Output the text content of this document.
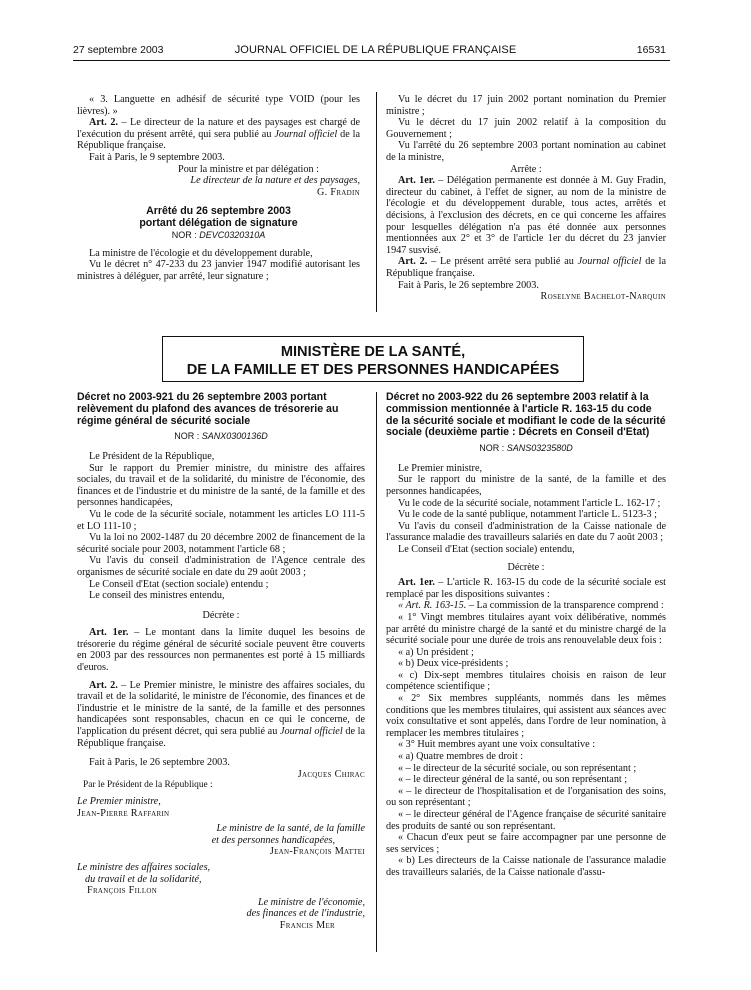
27 septembre 2003	JOURNAL OFFICIEL DE LA RÉPUBLIQUE FRANÇAISE	16531

« 3. Languette en adhésif de sécurité type VOID (pour les lièvres). »

Art. 2. – Le directeur de la nature et des paysages est chargé de l'exécution du présent arrêté, qui sera publié au Journal officiel de la République française.

Fait à Paris, le 9 septembre 2003.

Pour la ministre et par délégation :

Le directeur de la nature et des paysages,

G. Fradin

Arrêté du 26 septembre 2003

portant délégation de signature

NOR : DEVC0320310A

La ministre de l'écologie et du développement durable,

Vu le décret n° 47-233 du 23 janvier 1947 modifié autorisant les ministres à déléguer, par arrêté, leur signature ;

Vu le décret du 17 juin 2002 portant nomination du Premier ministre ;

Vu le décret du 17 juin 2002 relatif à la composition du Gouvernement ;

Vu l'arrêté du 26 septembre 2003 portant nomination au cabinet de la ministre,

Arrête :

Art. 1er. – Délégation permanente est donnée à M. Guy Fradin, directeur du cabinet, à l'effet de signer, au nom de la ministre de l'écologie et du développement durable, tous actes, arrêtés et décisions, à l'exclusion des décrets, en ce qui concerne les affaires pour lesquelles délégation n'a pas été donnée aux personnes mentionnées aux 2° et 3° de l'article 1er du décret du 23 janvier 1947 susvisé.

Art. 2. – Le présent arrêté sera publié au Journal officiel de la République française.

Fait à Paris, le 26 septembre 2003.

Roselyne Bachelot-Narquin

MINISTÈRE DE LA SANTÉ,
DE LA FAMILLE ET DES PERSONNES HANDICAPÉES

Décret no 2003-921 du 26 septembre 2003 portant relèvement du plafond des avances de trésorerie au régime général de sécurité sociale

NOR : SANX0300136D

Le Président de la République,

Sur le rapport du Premier ministre, du ministre des affaires sociales, du travail et de la solidarité, du ministre de l'économie, des finances et de l'industrie et du ministre de la santé, de la famille et des personnes handicapées,

Vu le code de la sécurité sociale, notamment les articles LO 111-5 et LO 111-10 ;

Vu la loi no 2002-1487 du 20 décembre 2002 de financement de la sécurité sociale pour 2003, notamment l'article 68 ;

Vu l'avis du conseil d'administration de l'Agence centrale des organismes de sécurité sociale en date du 29 août 2003 ;

Le Conseil d'Etat (section sociale) entendu ;

Le conseil des ministres entendu,

Décrète :

Art. 1er. – Le montant dans la limite duquel les besoins de trésorerie du régime général de sécurité sociale peuvent être couverts en 2003 par des ressources non permanentes est porté à 15 milliards d'euros.

Art. 2. – Le Premier ministre, le ministre des affaires sociales, du travail et de la solidarité, le ministre de l'économie, des finances et de l'industrie et le ministre de la santé, de la famille et des personnes handicapées sont responsables, chacun en ce qui le concerne, de l'application du présent décret, qui sera publié au Journal officiel de la République française.

Fait à Paris, le 26 septembre 2003.

Jacques Chirac

Par le Président de la République :

Le Premier ministre,

Jean-Pierre Raffarin

Le ministre de la santé, de la famille

et des personnes handicapées,

Jean-François Mattei

Le ministre des affaires sociales,

du travail et de la solidarité,

François Fillon

Le ministre de l'économie,

des finances et de l'industrie,

Francis Mer

Décret no 2003-922 du 26 septembre 2003 relatif à la commission mentionnée à l'article R. 163-15 du code de la sécurité sociale et modifiant le code de la sécurité sociale (deuxième partie : Décrets en Conseil d'Etat)

NOR : SANS0323580D

Le Premier ministre,

Sur le rapport du ministre de la santé, de la famille et des personnes handicapées,

Vu le code de la sécurité sociale, notamment l'article L. 162-17 ;

Vu le code de la santé publique, notamment l'article L. 5123-3 ;

Vu l'avis du conseil d'administration de la Caisse nationale de l'assurance maladie des travailleurs salariés en date du 7 août 2003 ;

Le Conseil d'Etat (section sociale) entendu,

Décrète :

Art. 1er. – L'article R. 163-15 du code de la sécurité sociale est remplacé par les dispositions suivantes :

« Art. R. 163-15. – La commission de la transparence comprend :

« 1° Vingt membres titulaires ayant voix délibérative, nommés par arrêté du ministre chargé de la santé et du ministre chargé de la sécurité sociale pour une durée de trois ans renouvelable deux fois :

« a) Un président ;

« b) Deux vice-présidents ;

« c) Dix-sept membres titulaires choisis en raison de leur compétence scientifique ;

« 2° Six membres suppléants, nommés dans les mêmes conditions que les membres titulaires, qui assistent aux séances avec voix consultative et sont appelés, dans l'ordre de leur nomination, à remplacer les membres titulaires ;

« 3° Huit membres ayant une voix consultative :

« a) Quatre membres de droit :

« – le directeur de la sécurité sociale, ou son représentant ;

« – le directeur général de la santé, ou son représentant ;

« – le directeur de l'hospitalisation et de l'organisation des soins, ou son représentant ;

« – le directeur général de l'Agence française de sécurité sanitaire des produits de santé ou son représentant.

« Chacun d'eux peut se faire accompagner par une personne de ses services ;

« b) Les directeurs de la Caisse nationale de l'assurance maladie des travailleurs salariés, de la Caisse nationale d'assu-
